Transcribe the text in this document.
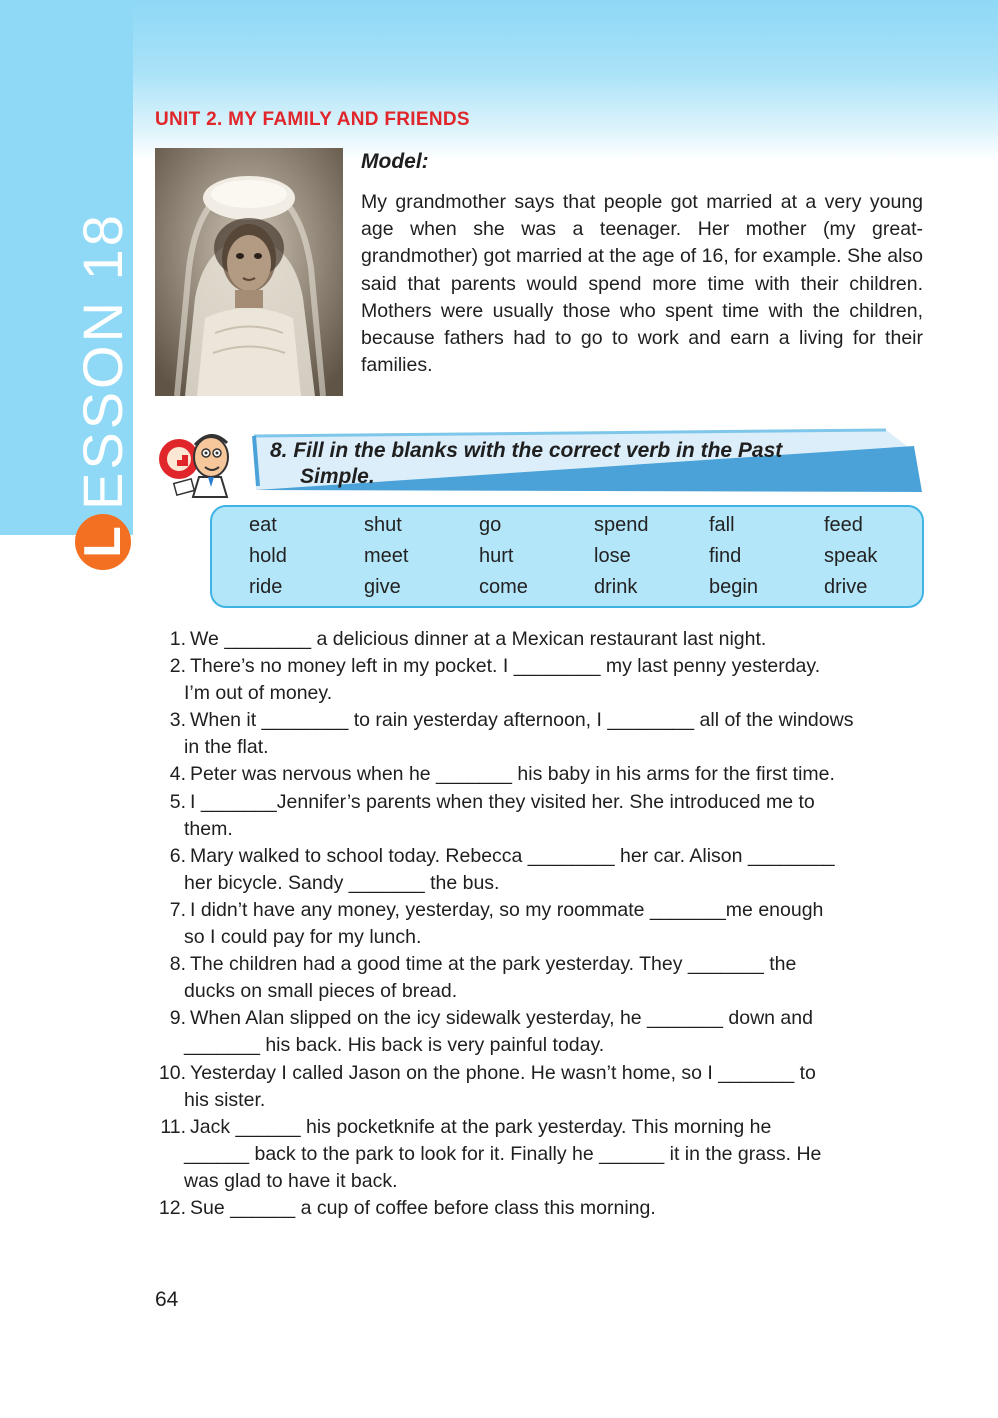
L
ESSON 18
UNIT 2. MY FAMILY AND FRIENDS
Model:
My grandmother says that people got married at a very young age when she was a teenager. Her mother (my great-grandmother) got married at the age of 16, for example. She also said that parents would spend more time with their children. Mothers were usually those who spent time with the children, because fathers had to go to work and earn a living for their families.
8. Fill in the blanks with the correct verb in the Past
Simple.
eat	shut	go	spend	fall	feed
hold	meet	hurt	lose	find	speak
ride	give	come	drink	begin	drive
1. We ________ a delicious dinner at a Mexican restaurant last night.
2. There’s no money left in my pocket. I ________ my last penny yesterday.
I’m out of money.
3. When it ________ to rain yesterday afternoon, I ________ all of the windows
in the flat.
4. Peter was nervous when he _______ his baby in his arms for the first time.
5. I _______Jennifer’s parents when they visited her. She introduced me to
them.
6. Mary walked to school today. Rebecca ________ her car. Alison ________
her bicycle. Sandy _______ the bus.
7. I didn’t have any money, yesterday, so my roommate _______me enough
so I could pay for my lunch.
8. The children had a good time at the park yesterday. They _______ the
ducks on small pieces of bread.
9. When Alan slipped on the icy sidewalk yesterday, he _______ down and
_______ his back. His back is very painful today.
10. Yesterday I called Jason on the phone. He wasn’t home, so I _______ to
his sister.
11. Jack ______ his pocketknife at the park yesterday. This morning he
______ back to the park to look for it. Finally he ______ it in the grass. He
was glad to have it back.
12. Sue ______ a cup of coffee before class this morning.
64
